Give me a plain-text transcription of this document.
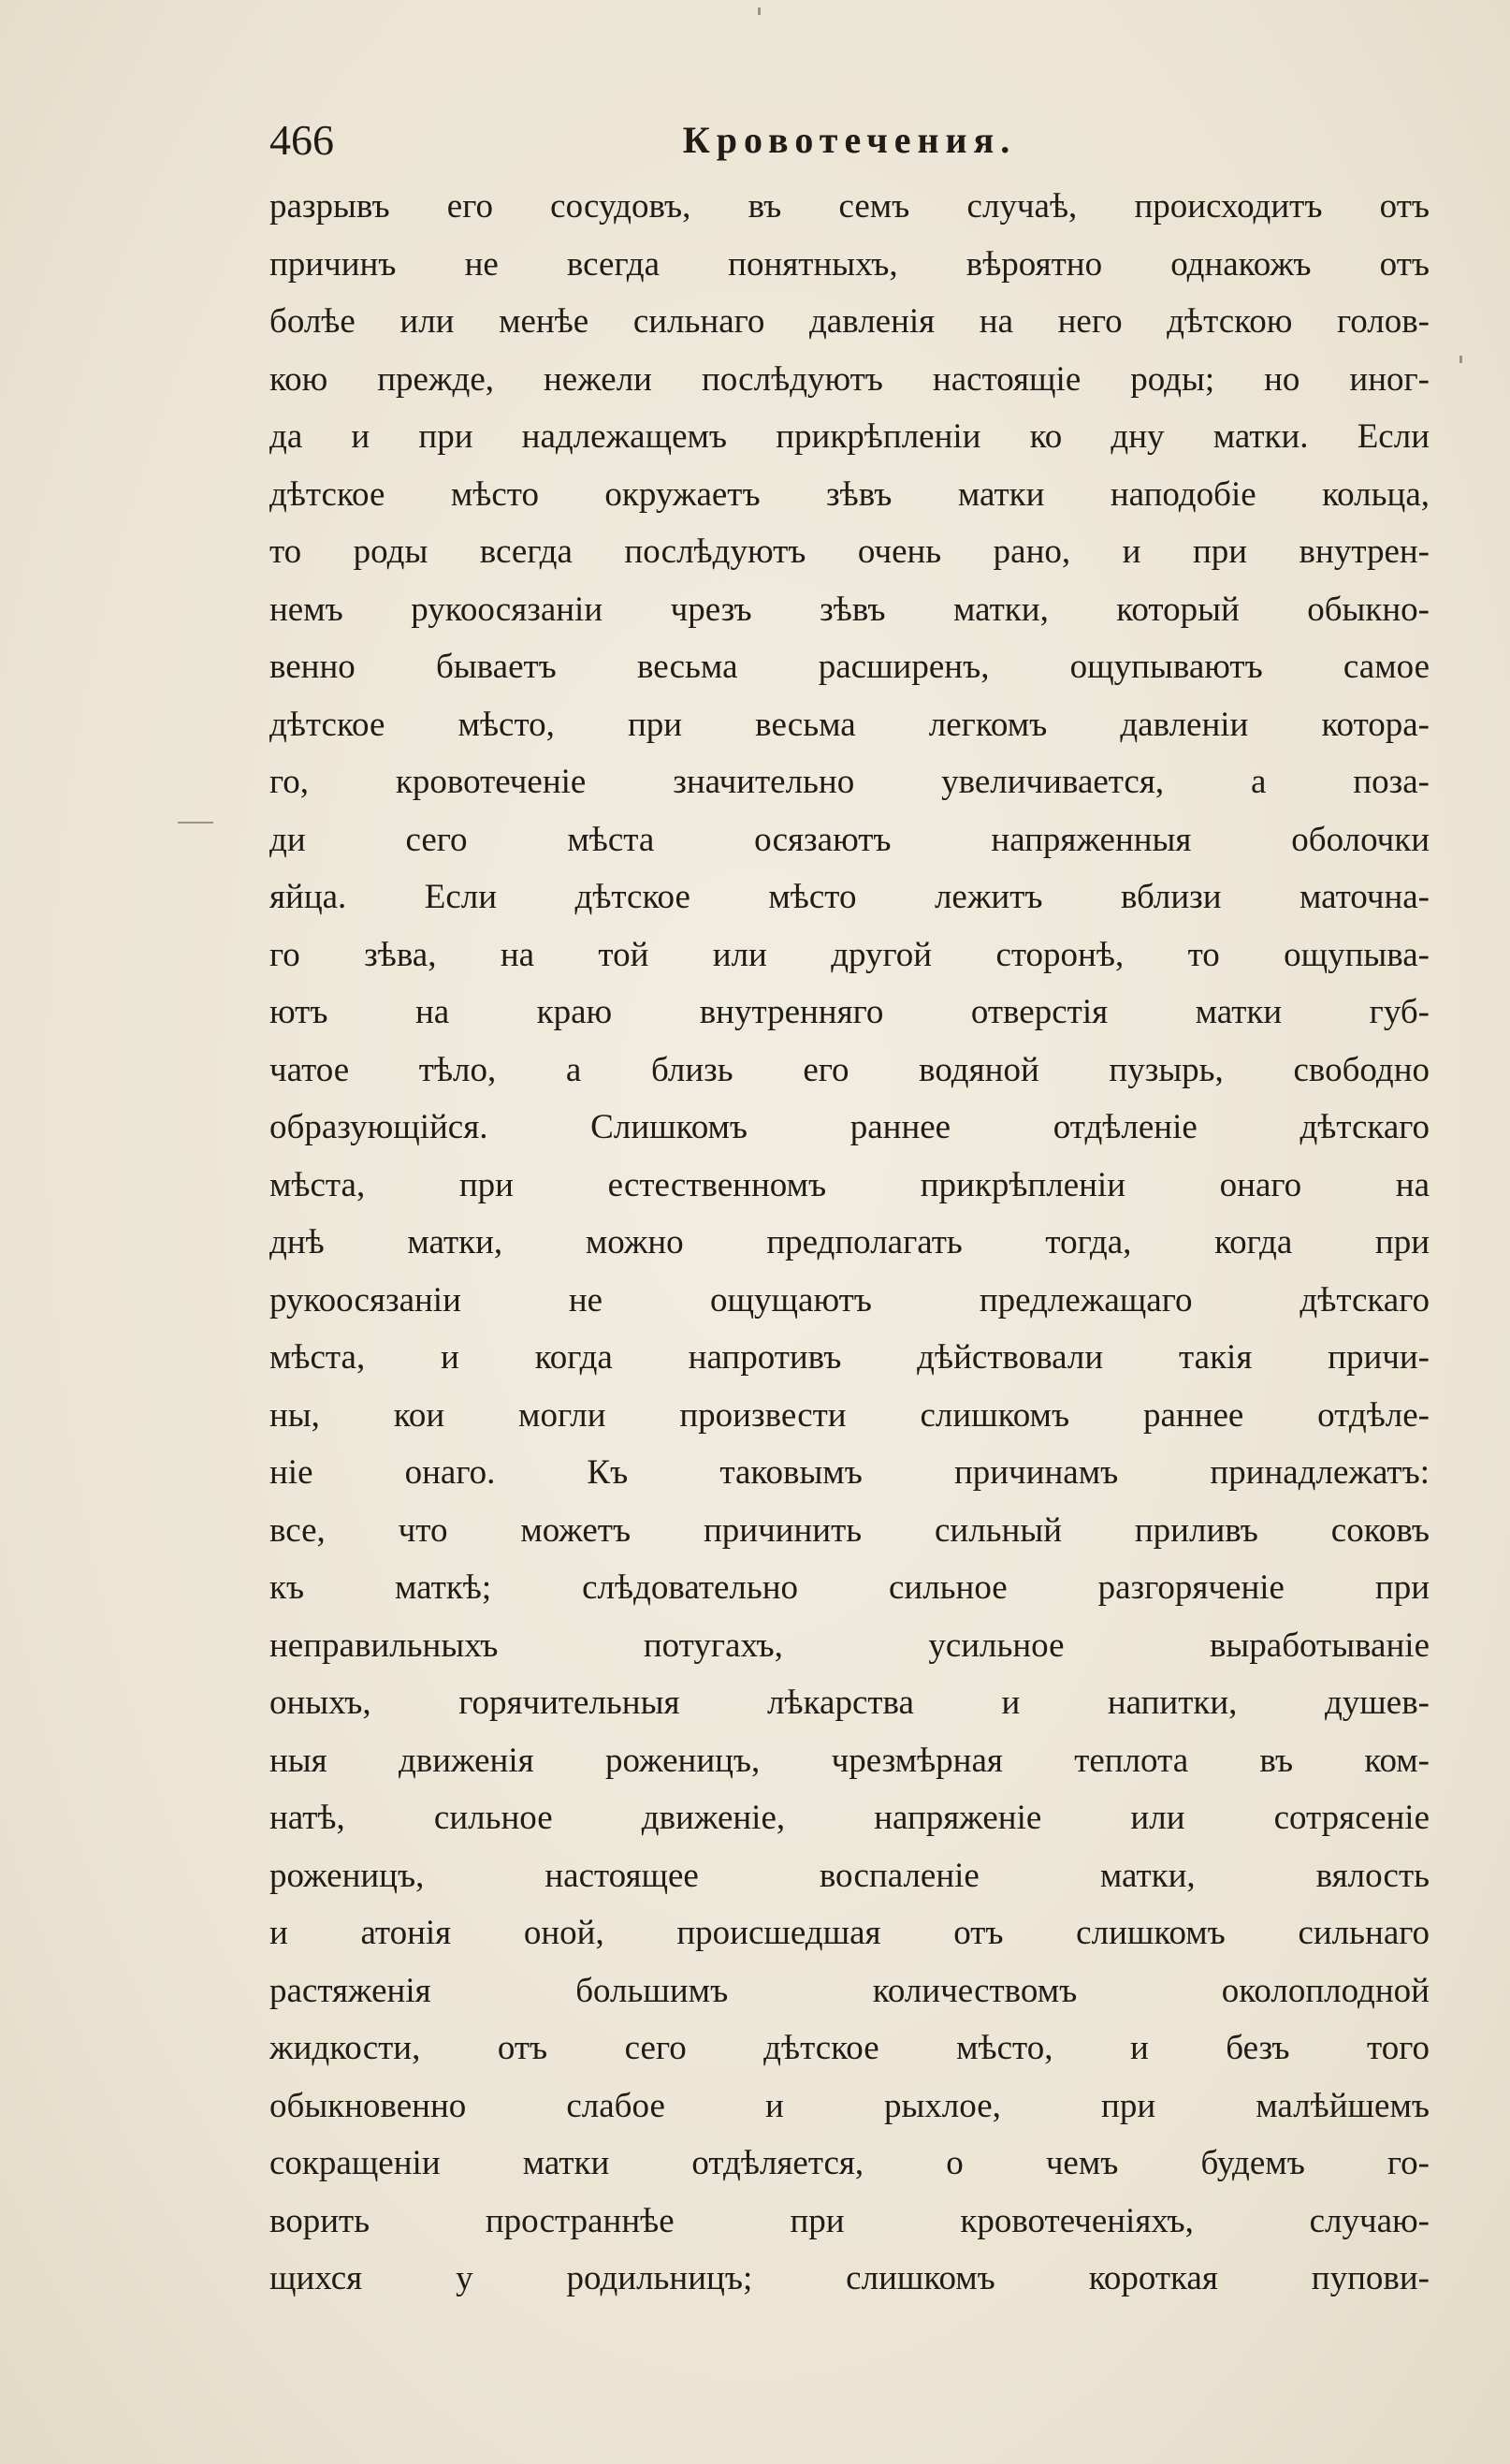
466	Кровотечения.
разрывъ его сосудовъ, въ семъ случаѣ, происходитъ отъ
причинъ не всегда понятныхъ, вѣроятно однакожъ отъ
болѣе или менѣе сильнаго давленія на него дѣтскою голов-
кою прежде, нежели послѣдуютъ настоящіе роды; но иног-
да и при надлежащемъ прикрѣпленіи ко дну матки. Если
дѣтское мѣсто окружаетъ зѣвъ матки наподобіе кольца,
то роды всегда послѣдуютъ очень рано, и при внутрен-
немъ рукоосязаніи чрезъ зѣвъ матки, который обыкно-
венно бываетъ весьма расширенъ, ощупываютъ самое
дѣтское мѣсто, при весьма легкомъ давленіи котора-
го, кровотеченіе значительно увеличивается, а поза-
ди сего мѣста осязаютъ напряженныя оболочки
яйца. Если дѣтское мѣсто лежитъ вблизи маточна-
го зѣва, на той или другой сторонѣ, то ощупыва-
ютъ на краю внутренняго отверстія матки губ-
чатое тѣло, а близь его водяной пузырь, свободно
образующійся. Слишкомъ раннее отдѣленіе дѣтскаго
мѣста, при естественномъ прикрѣпленіи онаго на
днѣ матки, можно предполагать тогда, когда при
рукоосязаніи не ощущаютъ предлежащаго дѣтскаго
мѣста, и когда напротивъ дѣйствовали такія причи-
ны, кои могли произвести слишкомъ раннее отдѣле-
ніе онаго. Къ таковымъ причинамъ принадлежатъ:
все, что можетъ причинить сильный приливъ соковъ
къ маткѣ; слѣдовательно сильное разгоряченіе при
неправильныхъ потугахъ, усильное выработываніе
оныхъ, горячительныя лѣкарства и напитки, душев-
ныя движенія роженицъ, чрезмѣрная теплота въ ком-
натѣ, сильное движеніе, напряженіе или сотрясеніе
роженицъ, настоящее воспаленіе матки, вялость
и атонія оной, происшедшая отъ слишкомъ сильнаго
растяженія большимъ количествомъ околоплодной
жидкости, отъ сего дѣтское мѣсто, и безъ того
обыкновенно слабое и рыхлое, при малѣйшемъ
сокращеніи матки отдѣляется, о чемъ будемъ го-
ворить пространнѣе при кровотеченіяхъ, случаю-
щихся у родильницъ; слишкомъ короткая пупови-
